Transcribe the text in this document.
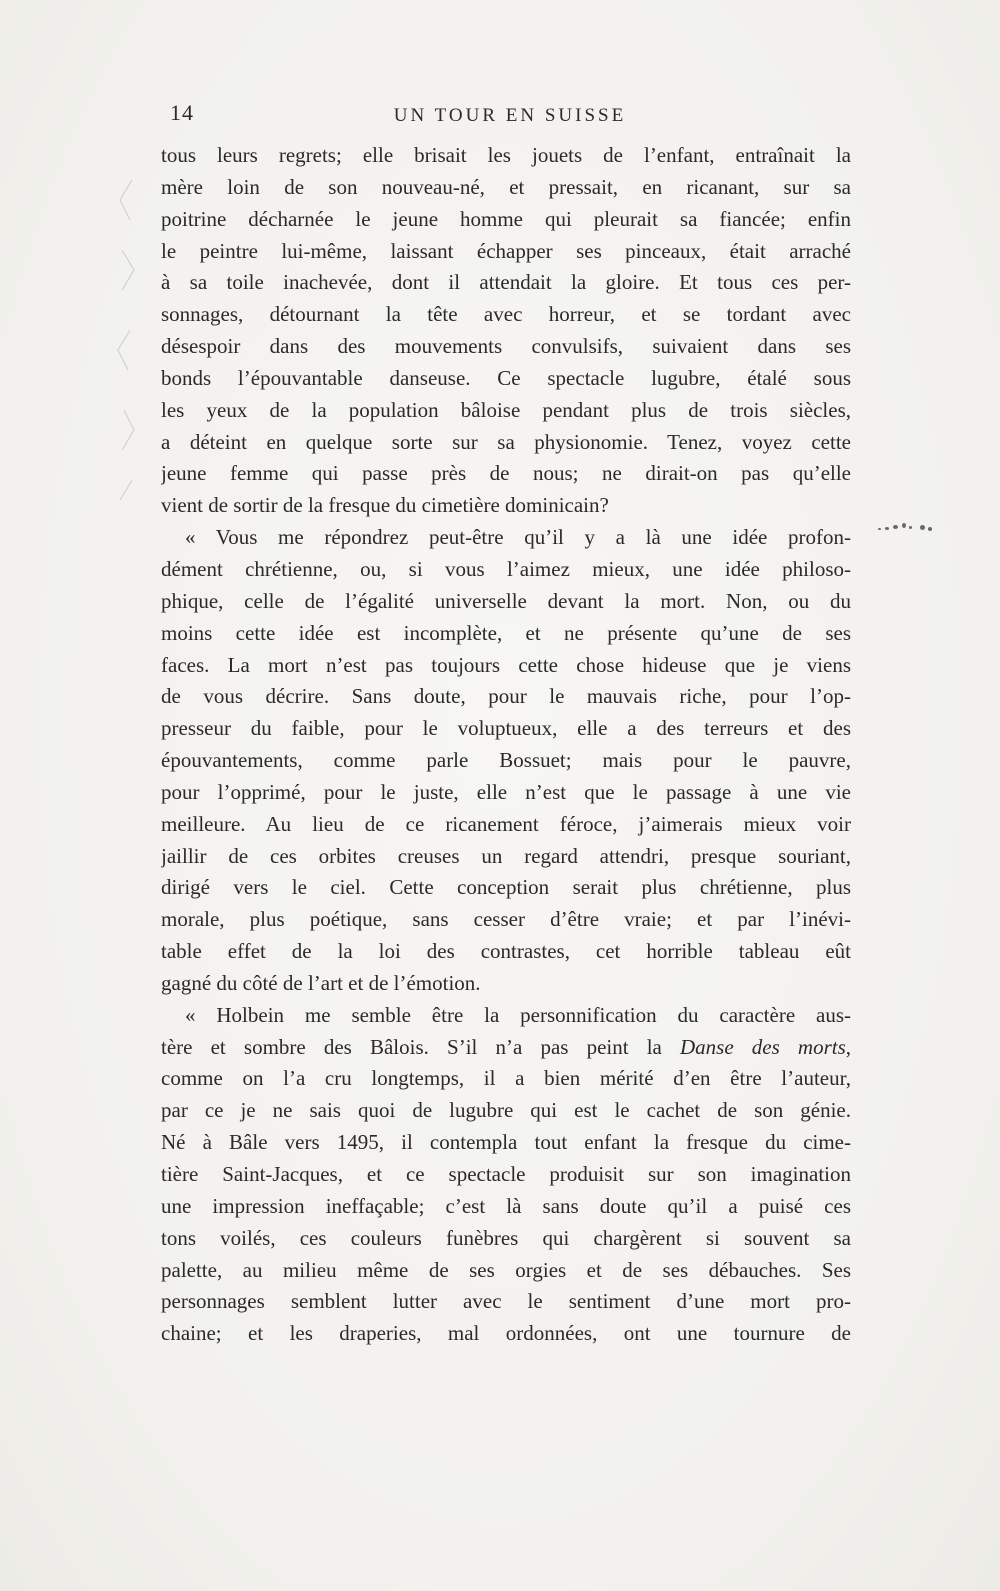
14	UN TOUR EN SUISSE
tous leurs regrets; elle brisait les jouets de l’enfant, entraînait la
mère loin de son nouveau-né, et pressait, en ricanant, sur sa
poitrine décharnée le jeune homme qui pleurait sa fiancée; enfin
le peintre lui-même, laissant échapper ses pinceaux, était arraché
à sa toile inachevée, dont il attendait la gloire. Et tous ces per-
sonnages, détournant la tête avec horreur, et se tordant avec
désespoir dans des mouvements convulsifs, suivaient dans ses
bonds l’épouvantable danseuse. Ce spectacle lugubre, étalé sous
les yeux de la population bâloise pendant plus de trois siècles,
a déteint en quelque sorte sur sa physionomie. Tenez, voyez cette
jeune femme qui passe près de nous; ne dirait-on pas qu’elle
vient de sortir de la fresque du cimetière dominicain?
« Vous me répondrez peut-être qu’il y a là une idée profon-
dément chrétienne, ou, si vous l’aimez mieux, une idée philoso-
phique, celle de l’égalité universelle devant la mort. Non, ou du
moins cette idée est incomplète, et ne présente qu’une de ses
faces. La mort n’est pas toujours cette chose hideuse que je viens
de vous décrire. Sans doute, pour le mauvais riche, pour l’op-
presseur du faible, pour le voluptueux, elle a des terreurs et des
épouvantements, comme parle Bossuet; mais pour le pauvre,
pour l’opprimé, pour le juste, elle n’est que le passage à une vie
meilleure. Au lieu de ce ricanement féroce, j’aimerais mieux voir
jaillir de ces orbites creuses un regard attendri, presque souriant,
dirigé vers le ciel. Cette conception serait plus chrétienne, plus
morale, plus poétique, sans cesser d’être vraie; et par l’inévi-
table effet de la loi des contrastes, cet horrible tableau eût
gagné du côté de l’art et de l’émotion.
« Holbein me semble être la personnification du caractère aus-
tère et sombre des Bâlois. S’il n’a pas peint la Danse des morts,
comme on l’a cru longtemps, il a bien mérité d’en être l’auteur,
par ce je ne sais quoi de lugubre qui est le cachet de son génie.
Né à Bâle vers 1495, il contempla tout enfant la fresque du cime-
tière Saint-Jacques, et ce spectacle produisit sur son imagination
une impression ineffaçable; c’est là sans doute qu’il a puisé ces
tons voilés, ces couleurs funèbres qui chargèrent si souvent sa
palette, au milieu même de ses orgies et de ses débauches. Ses
personnages semblent lutter avec le sentiment d’une mort pro-
chaine; et les draperies, mal ordonnées, ont une tournure de
